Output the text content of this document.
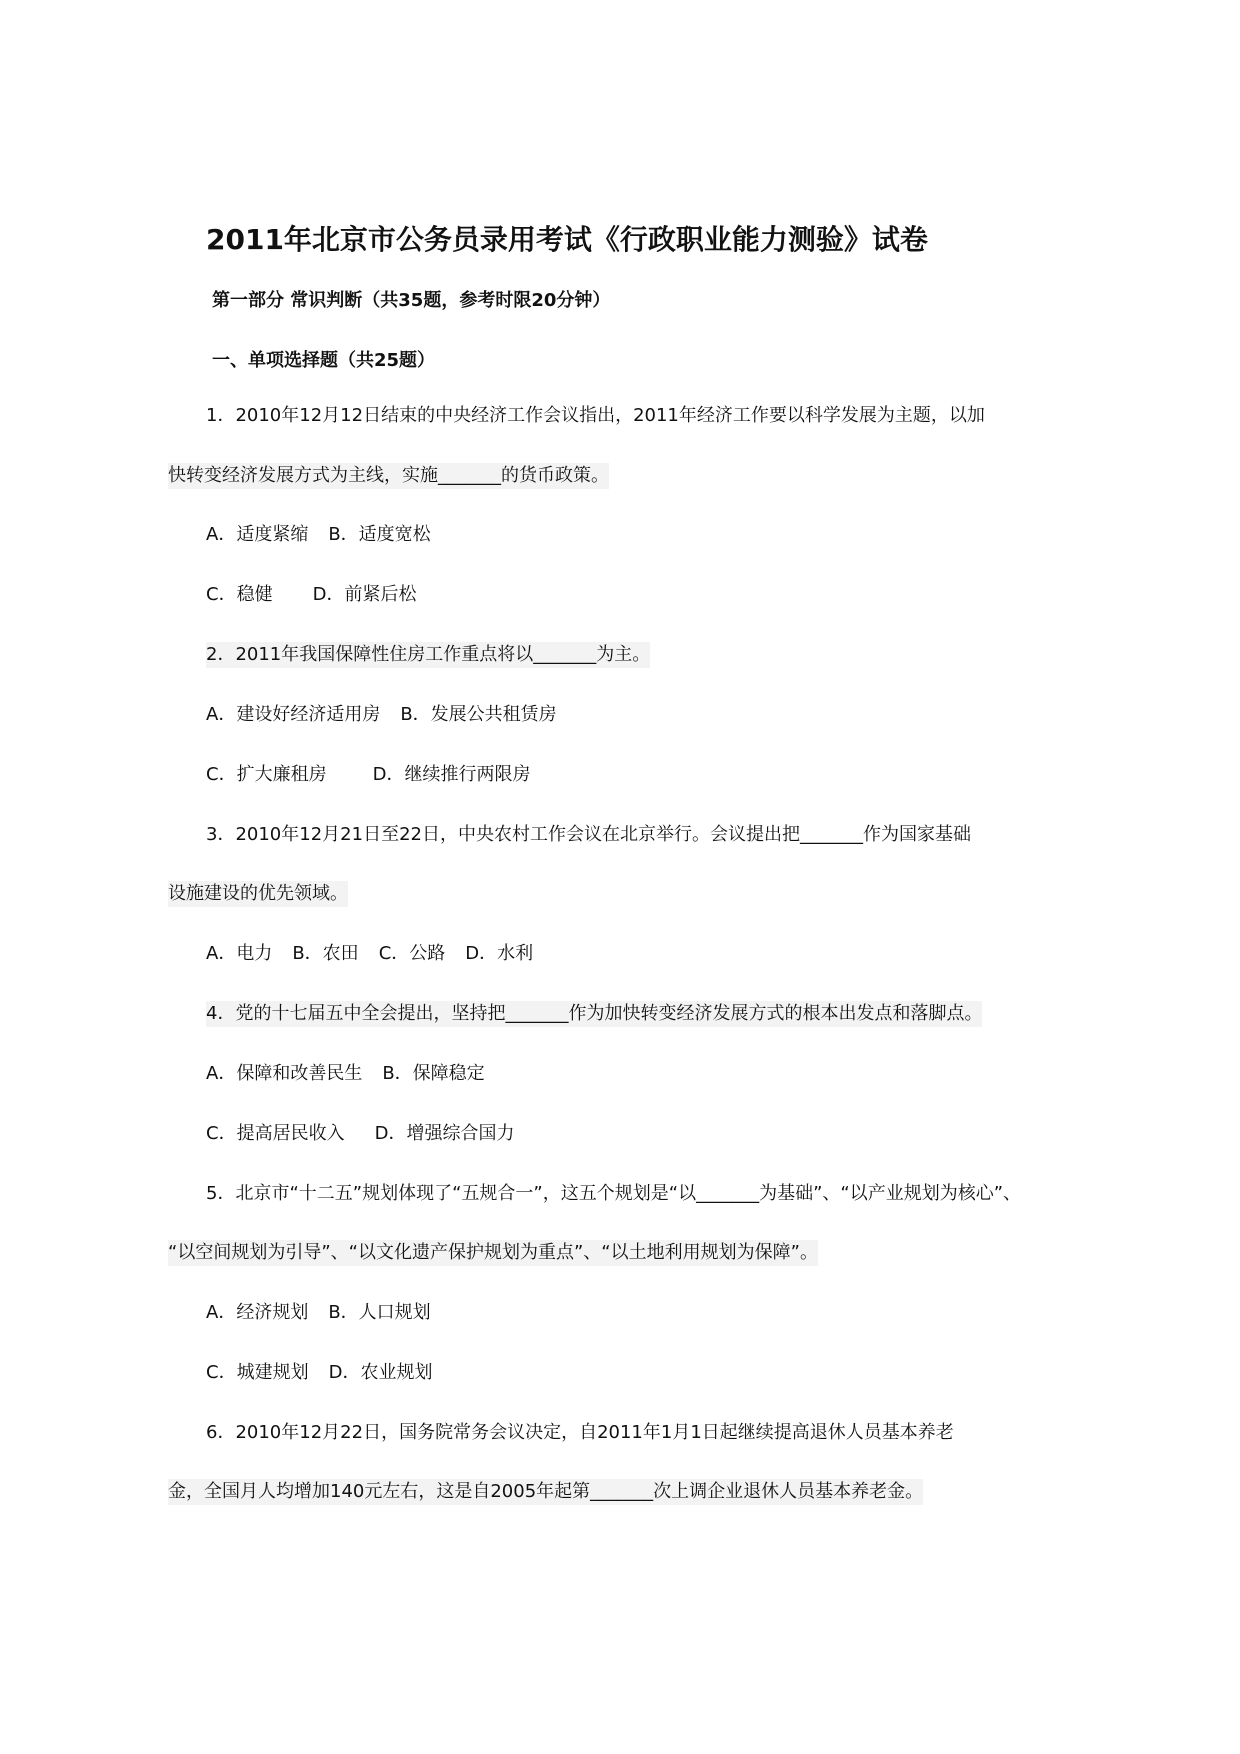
2011年北京市公务员录用考试《行政职业能力测验》试卷
第一部分 常识判断（共35题，参考时限20分钟）
一、单项选择题（共25题）
1．2010年12月12日结束的中央经济工作会议指出，2011年经济工作要以科学发展为主题，以加
快转变经济发展方式为主线，实施_______的货币政策。
A．适度紧缩 B．适度宽松
C．稳健 D．前紧后松
2．2011年我国保障性住房工作重点将以_______为主。
A．建设好经济适用房 B．发展公共租赁房
C．扩大廉租房	D．继续推行两限房
3．2010年12月21日至22日，中央农村工作会议在北京举行。会议提出把_______作为国家基础
设施建设的优先领域。
A．电力 B．农田 C．公路 D．水利
4．党的十七届五中全会提出，坚持把_______作为加快转变经济发展方式的根本出发点和落脚点。
A．保障和改善民生 B．保障稳定
C．提高居民收入 D．增强综合国力
5．北京市“十二五”规划体现了“五规合一”，这五个规划是“以_______为基础”、“以产业规划为核心”、
“以空间规划为引导”、“以文化遗产保护规划为重点”、“以土地利用规划为保障”。
A．经济规划 B．人口规划
C．城建规划 D．农业规划
6．2010年12月22日，国务院常务会议决定，自2011年1月1日起继续提高退休人员基本养老
金，全国月人均增加140元左右，这是自2005年起第_______次上调企业退休人员基本养老金。
